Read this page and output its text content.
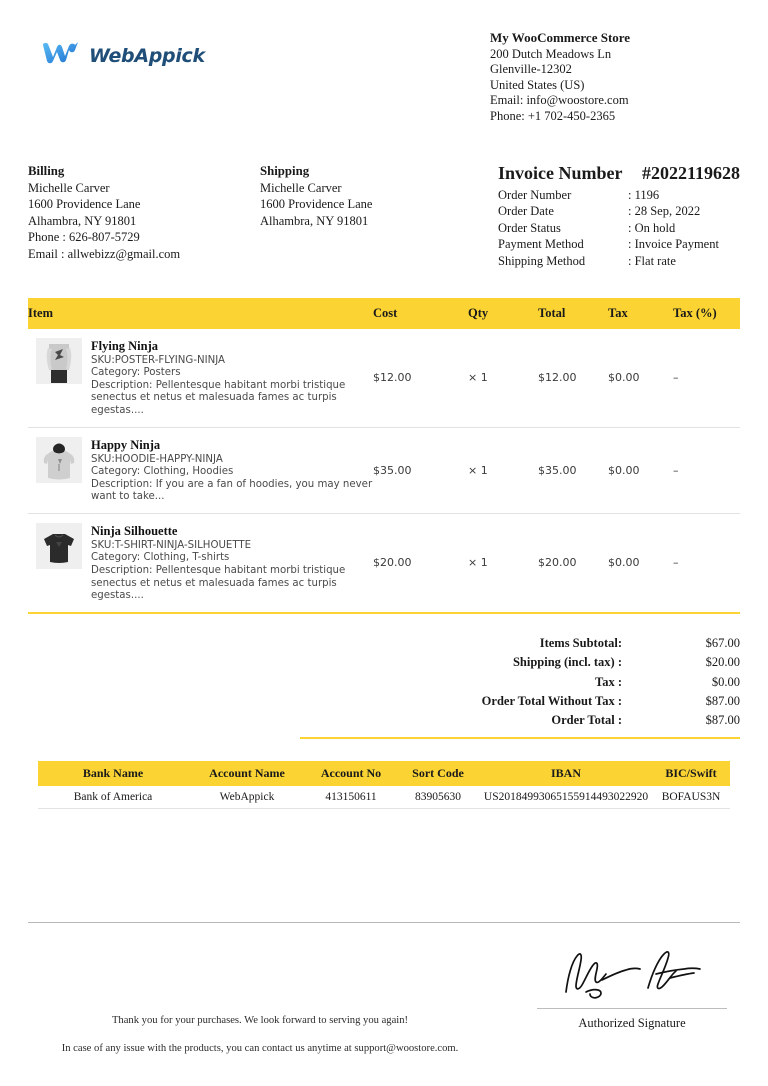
WebAppick
My WooCommerce Store
200 Dutch Meadows Ln
Glenville-12302
United States (US)
Email: info@woostore.com
Phone: +1 702-450-2365
Billing
Michelle Carver
1600 Providence Lane
Alhambra, NY 91801
Phone : 626-807-5729
Email : allwebizz@gmail.com
Shipping
Michelle Carver
1600 Providence Lane
Alhambra, NY 91801
Invoice Number #2022119628
Order Number	: 1196
Order Date	: 28 Sep, 2022
Order Status	: On hold
Payment Method	: Invoice Payment
Shipping Method	: Flat rate
Item	Cost	Qty	Total	Tax	Tax (%)

Flying Ninja
SKU:POSTER-FLYING-NINJA
Category: Posters
Description: Pellentesque habitant morbi tristique senectus et netus et malesuada fames ac turpis egestas....	$12.00	× 1	$12.00	$0.00	–

Happy Ninja
SKU:HOODIE-HAPPY-NINJA
Category: Clothing, Hoodies
Description: If you are a fan of hoodies, you may never want to take...	$35.00	× 1	$35.00	$0.00	–

Ninja Silhouette
SKU:T-SHIRT-NINJA-SILHOUETTE
Category: Clothing, T-shirts
Description: Pellentesque habitant morbi tristique senectus et netus et malesuada fames ac turpis egestas....	$20.00	× 1	$20.00	$0.00	–
Items Subtotal:	$67.00
Shipping (incl. tax) :	$20.00
Tax :	$0.00
Order Total Without Tax :	$87.00
Order Total :	$87.00
Bank Name	Account Name	Account No	Sort Code	IBAN	BIC/Swift
Bank of America	WebAppick	413150611	83905630	US20184993065155914493022920	BOFAUS3N
Authorized Signature
Thank you for your purchases. We look forward to serving you again!
In case of any issue with the products, you can contact us anytime at support@woostore.com.
